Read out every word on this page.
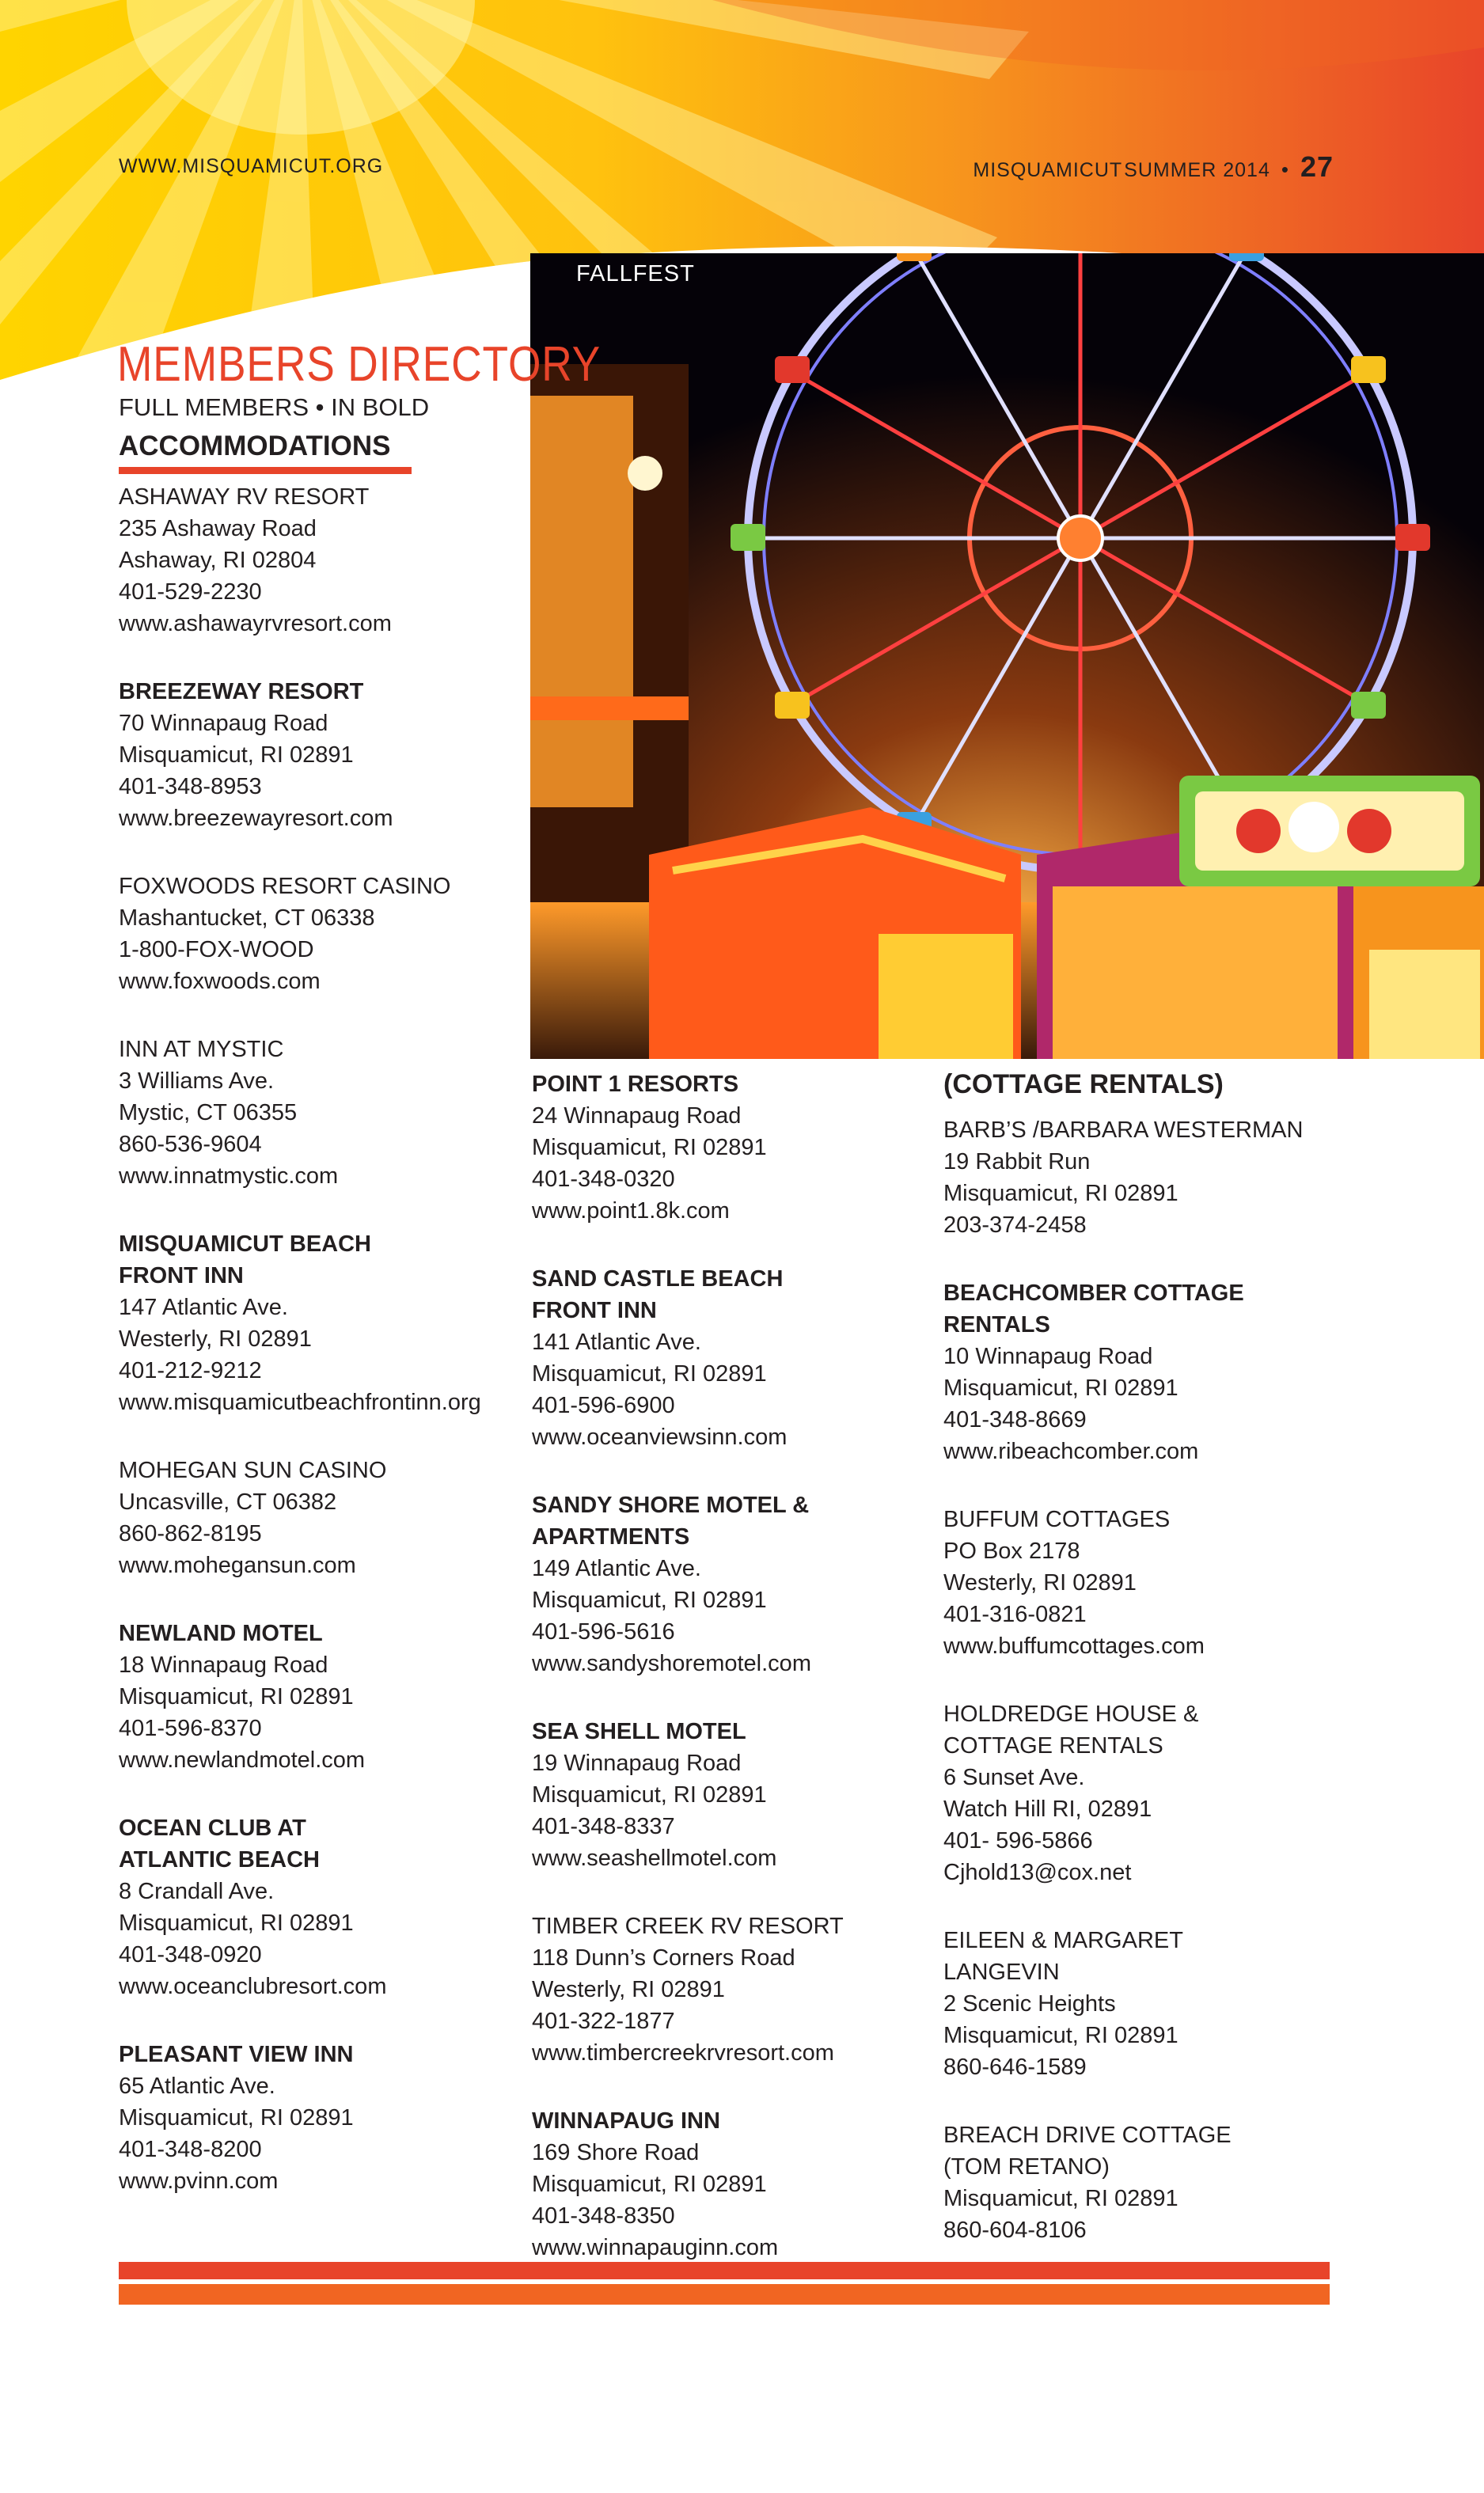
WWW.MISQUAMICUT.ORG	MISQUAMICUT SUMMER 2014 • 27
FALLFEST
MEMBERS DIRECTORY
FULL MEMBERS • IN BOLD
ACCOMMODATIONS
ASHAWAY RV RESORT
235 Ashaway Road
Ashaway, RI 02804
401-529-2230
www.ashawayrvresort.com
BREEZEWAY RESORT
70 Winnapaug Road
Misquamicut, RI 02891
401-348-8953
www.breezewayresort.com
FOXWOODS RESORT CASINO
Mashantucket, CT 06338
1-800-FOX-WOOD
www.foxwoods.com
INN AT MYSTIC
3 Williams Ave.
Mystic, CT 06355
860-536-9604
www.innatmystic.com
MISQUAMICUT BEACH
FRONT INN
147 Atlantic Ave.
Westerly, RI 02891
401-212-9212
www.misquamicutbeachfrontinn.org
MOHEGAN SUN CASINO
Uncasville, CT 06382
860-862-8195
www.mohegansun.com
NEWLAND MOTEL
18 Winnapaug Road
Misquamicut, RI 02891
401-596-8370
www.newlandmotel.com
OCEAN CLUB AT
ATLANTIC BEACH
8 Crandall Ave.
Misquamicut, RI 02891
401-348-0920
www.oceanclubresort.com
PLEASANT VIEW INN
65 Atlantic Ave.
Misquamicut, RI 02891
401-348-8200
www.pvinn.com
POINT 1 RESORTS
24 Winnapaug Road
Misquamicut, RI 02891
401-348-0320
www.point1.8k.com
SAND CASTLE BEACH
FRONT INN
141 Atlantic Ave.
Misquamicut, RI 02891
401-596-6900
www.oceanviewsinn.com
SANDY SHORE MOTEL &
APARTMENTS
149 Atlantic Ave.
Misquamicut, RI 02891
401-596-5616
www.sandyshoremotel.com
SEA SHELL MOTEL
19 Winnapaug Road
Misquamicut, RI 02891
401-348-8337
www.seashellmotel.com
TIMBER CREEK RV RESORT
118 Dunn’s Corners Road
Westerly, RI 02891
401-322-1877
www.timbercreekrvresort.com
WINNAPAUG INN
169 Shore Road
Misquamicut, RI 02891
401-348-8350
www.winnapauginn.com
(COTTAGE RENTALS)
BARB’S /BARBARA WESTERMAN
19 Rabbit Run
Misquamicut, RI 02891
203-374-2458
BEACHCOMBER COTTAGE
RENTALS
10 Winnapaug Road
Misquamicut, RI 02891
401-348-8669
www.ribeachcomber.com
BUFFUM COTTAGES
PO Box 2178
Westerly, RI 02891
401-316-0821
www.buffumcottages.com
HOLDREDGE HOUSE &
COTTAGE RENTALS
6 Sunset Ave.
Watch Hill RI, 02891
401- 596-5866
Cjhold13@cox.net
EILEEN & MARGARET
LANGEVIN
2 Scenic Heights
Misquamicut, RI 02891
860-646-1589
BREACH DRIVE COTTAGE
(TOM RETANO)
Misquamicut, RI 02891
860-604-8106
